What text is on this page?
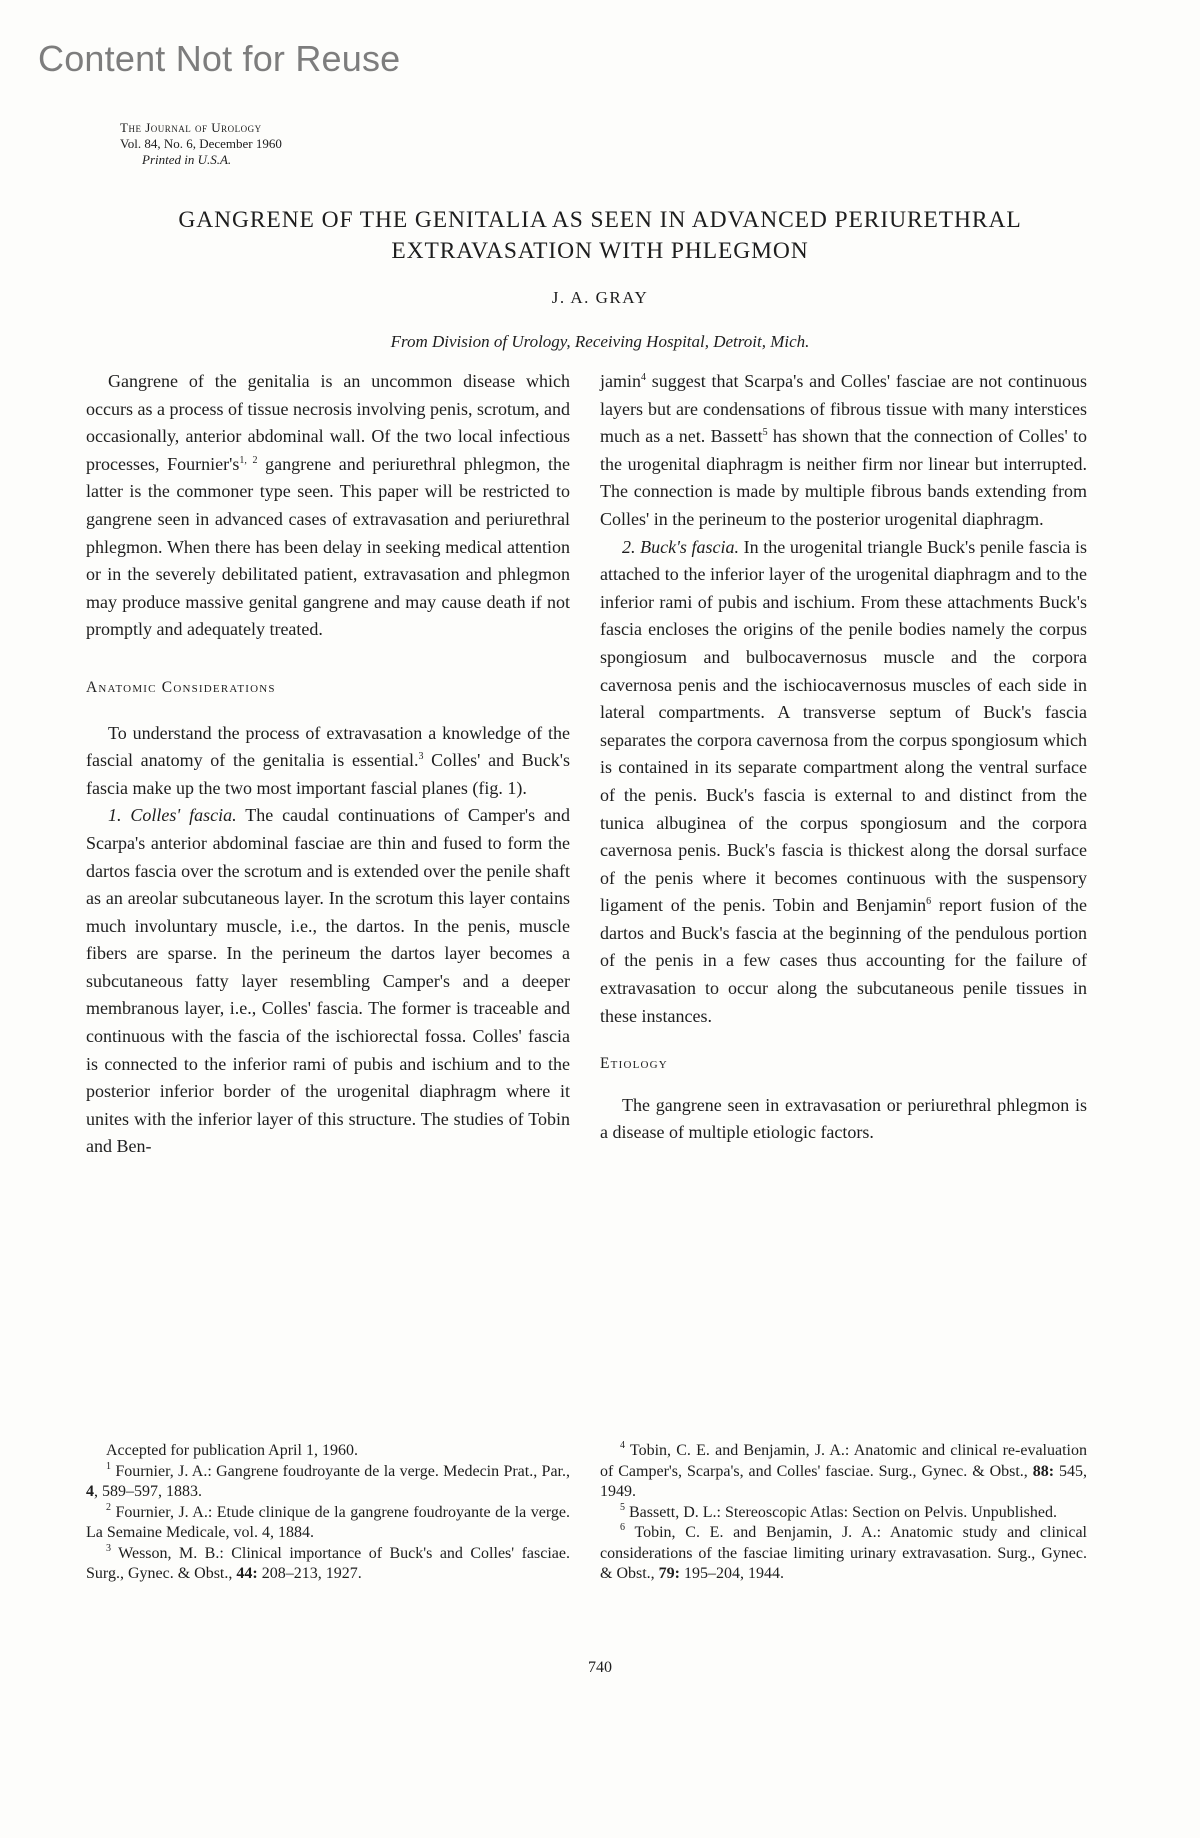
Content Not for Reuse
The Journal of Urology
Vol. 84, No. 6, December 1960
Printed in U.S.A.
GANGRENE OF THE GENITALIA AS SEEN IN ADVANCED PERIURETHRAL
EXTRAVASATION WITH PHLEGMON
J. A. GRAY
From Division of Urology, Receiving Hospital, Detroit, Mich.

Gangrene of the genitalia is an uncommon disease which occurs as a process of tissue necrosis involving penis, scrotum, and occasionally, anterior abdominal wall. Of the two local infectious processes, $Fournier's^{1, 2}$ gangrene and periurethral phlegmon, the latter is the commoner type seen. This paper will be restricted to gangrene seen in advanced cases of extravasation and periurethral phlegmon. When there has been delay in seeking medical attention or in the severely debilitated patient, extravasation and phlegmon may produce massive genital gangrene and may cause death if not promptly and adequately treated.

Anatomic Considerations

To understand the process of extravasation a knowledge of the fascial anatomy of the genitalia is essential.$^3$ Colles' and Buck's fascia make up the two most important fascial planes (fig. 1).

1. Colles' fascia. The caudal continuations of Camper's and Scarpa's anterior abdominal fasciae are thin and fused to form the dartos fascia over the scrotum and is extended over the penile shaft as an areolar subcutaneous layer. In the scrotum this layer contains much involuntary muscle, i.e., the dartos. In the penis, muscle fibers are sparse. In the perineum the dartos layer becomes a subcutaneous fatty layer resembling Camper's and a deeper membranous layer, i.e., Colles' fascia. The former is traceable and continuous with the fascia of the ischiorectal fossa. Colles' fascia is connected to the inferior rami of pubis and ischium and to the posterior inferior border of the urogenital diaphragm where it unites with the inferior layer of this structure. The studies of Tobin and Ben-

jamin$^4$ suggest that Scarpa's and Colles' fasciae are not continuous layers but are condensations of fibrous tissue with many interstices much as a net. Bassett$^5$ has shown that the connection of Colles' to the urogenital diaphragm is neither firm nor linear but interrupted. The connection is made by multiple fibrous bands extending from Colles' in the perineum to the posterior urogenital diaphragm.

2. Buck's fascia. In the urogenital triangle Buck's penile fascia is attached to the inferior layer of the urogenital diaphragm and to the inferior rami of pubis and ischium. From these attachments Buck's fascia encloses the origins of the penile bodies namely the corpus spongiosum and bulbocavernosus muscle and the corpora cavernosa penis and the ischiocavernosus muscles of each side in lateral compartments. A transverse septum of Buck's fascia separates the corpora cavernosa from the corpus spongiosum which is contained in its separate compartment along the ventral surface of the penis. Buck's fascia is external to and distinct from the tunica albuginea of the corpus spongiosum and the corpora cavernosa penis. Buck's fascia is thickest along the dorsal surface of the penis where it becomes continuous with the suspensory ligament of the penis. Tobin and Benjamin$^6$ report fusion of the dartos and Buck's fascia at the beginning of the pendulous portion of the penis in a few cases thus accounting for the failure of extravasation to occur along the subcutaneous penile tissues in these instances.

Etiology

The gangrene seen in extravasation or periurethral phlegmon is a disease of multiple etiologic factors.

Accepted for publication April 1, 1960.

$^1$ Fournier, J. A.: Gangrene foudroyante de la verge. Medecin Prat., Par., 4, 589–597, 1883.

$^2$ Fournier, J. A.: Etude clinique de la gangrene foudroyante de la verge. La Semaine Medicale, vol. 4, 1884.

$^3$ Wesson, M. B.: Clinical importance of Buck's and Colles' fasciae. Surg., Gynec. & Obst., 44: 208–213, 1927.

$^4$ Tobin, C. E. and Benjamin, J. A.: Anatomic and clinical re-evaluation of Camper's, Scarpa's, and Colles' fasciae. Surg., Gynec. & Obst., 88: 545, 1949.

$^5$ Bassett, D. L.: Stereoscopic Atlas: Section on Pelvis. Unpublished.

$^6$ Tobin, C. E. and Benjamin, J. A.: Anatomic study and clinical considerations of the fasciae limiting urinary extravasation. Surg., Gynec. & Obst., 79: 195–204, 1944.

740
